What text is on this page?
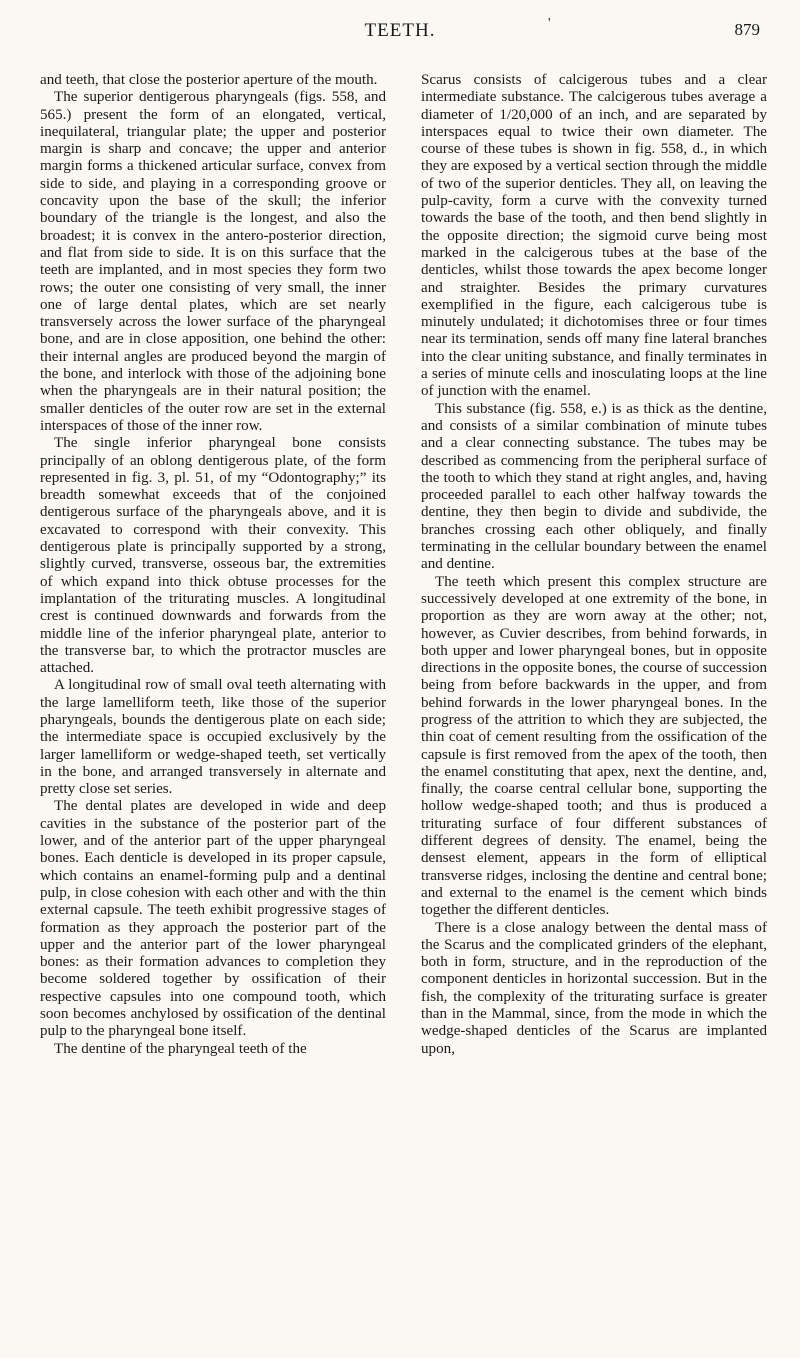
TEETH.	'	879

and teeth, that close the posterior aperture of the mouth.

The superior dentigerous pharyngeals (figs. 558, and 565.) present the form of an elongated, vertical, inequilateral, triangular plate; the upper and posterior margin is sharp and concave; the upper and anterior margin forms a thickened articular surface, convex from side to side, and playing in a corresponding groove or concavity upon the base of the skull; the inferior boundary of the triangle is the longest, and also the broadest; it is convex in the antero-posterior direction, and flat from side to side. It is on this surface that the teeth are implanted, and in most species they form two rows; the outer one consisting of very small, the inner one of large dental plates, which are set nearly transversely across the lower surface of the pharyngeal bone, and are in close apposition, one behind the other: their internal angles are produced beyond the margin of the bone, and interlock with those of the adjoining bone when the pharyngeals are in their natural position; the smaller denticles of the outer row are set in the external interspaces of those of the inner row.

The single inferior pharyngeal bone consists principally of an oblong dentigerous plate, of the form represented in fig. 3, pl. 51, of my “Odontography;” its breadth somewhat exceeds that of the conjoined dentigerous surface of the pharyngeals above, and it is excavated to correspond with their convexity. This dentigerous plate is principally supported by a strong, slightly curved, transverse, osseous bar, the extremities of which expand into thick obtuse processes for the implantation of the triturating muscles. A longitudinal crest is continued downwards and forwards from the middle line of the inferior pharyngeal plate, anterior to the transverse bar, to which the protractor muscles are attached.

A longitudinal row of small oval teeth alternating with the large lamelliform teeth, like those of the superior pharyngeals, bounds the dentigerous plate on each side; the intermediate space is occupied exclusively by the larger lamelliform or wedge-shaped teeth, set vertically in the bone, and arranged transversely in alternate and pretty close set series.

The dental plates are developed in wide and deep cavities in the substance of the posterior part of the lower, and of the anterior part of the upper pharyngeal bones. Each denticle is developed in its proper capsule, which contains an enamel-forming pulp and a dentinal pulp, in close cohesion with each other and with the thin external capsule. The teeth exhibit progressive stages of formation as they approach the posterior part of the upper and the anterior part of the lower pharyngeal bones: as their formation advances to completion they become soldered together by ossification of their respective capsules into one compound tooth, which soon becomes anchylosed by ossification of the dentinal pulp to the pharyngeal bone itself.

The dentine of the pharyngeal teeth of the

Scarus consists of calcigerous tubes and a clear intermediate substance. The calcigerous tubes average a diameter of 1/20,000 of an inch, and are separated by interspaces equal to twice their own diameter. The course of these tubes is shown in fig. 558, d., in which they are exposed by a vertical section through the middle of two of the superior denticles. They all, on leaving the pulp-cavity, form a curve with the convexity turned towards the base of the tooth, and then bend slightly in the opposite direction; the sigmoid curve being most marked in the calcigerous tubes at the base of the denticles, whilst those towards the apex become longer and straighter. Besides the primary curvatures exemplified in the figure, each calcigerous tube is minutely undulated; it dichotomises three or four times near its termination, sends off many fine lateral branches into the clear uniting substance, and finally terminates in a series of minute cells and inosculating loops at the line of junction with the enamel.

This substance (fig. 558, e.) is as thick as the dentine, and consists of a similar combination of minute tubes and a clear connecting substance. The tubes may be described as commencing from the peripheral surface of the tooth to which they stand at right angles, and, having proceeded parallel to each other halfway towards the dentine, they then begin to divide and subdivide, the branches crossing each other obliquely, and finally terminating in the cellular boundary between the enamel and dentine.

The teeth which present this complex structure are successively developed at one extremity of the bone, in proportion as they are worn away at the other; not, however, as Cuvier describes, from behind forwards, in both upper and lower pharyngeal bones, but in opposite directions in the opposite bones, the course of succession being from before backwards in the upper, and from behind forwards in the lower pharyngeal bones. In the progress of the attrition to which they are subjected, the thin coat of cement resulting from the ossification of the capsule is first removed from the apex of the tooth, then the enamel constituting that apex, next the dentine, and, finally, the coarse central cellular bone, supporting the hollow wedge-shaped tooth; and thus is produced a triturating surface of four different substances of different degrees of density. The enamel, being the densest element, appears in the form of elliptical transverse ridges, inclosing the dentine and central bone; and external to the enamel is the cement which binds together the different denticles.

There is a close analogy between the dental mass of the Scarus and the complicated grinders of the elephant, both in form, structure, and in the reproduction of the component denticles in horizontal succession. But in the fish, the complexity of the triturating surface is greater than in the Mammal, since, from the mode in which the wedge-shaped denticles of the Scarus are implanted upon,
